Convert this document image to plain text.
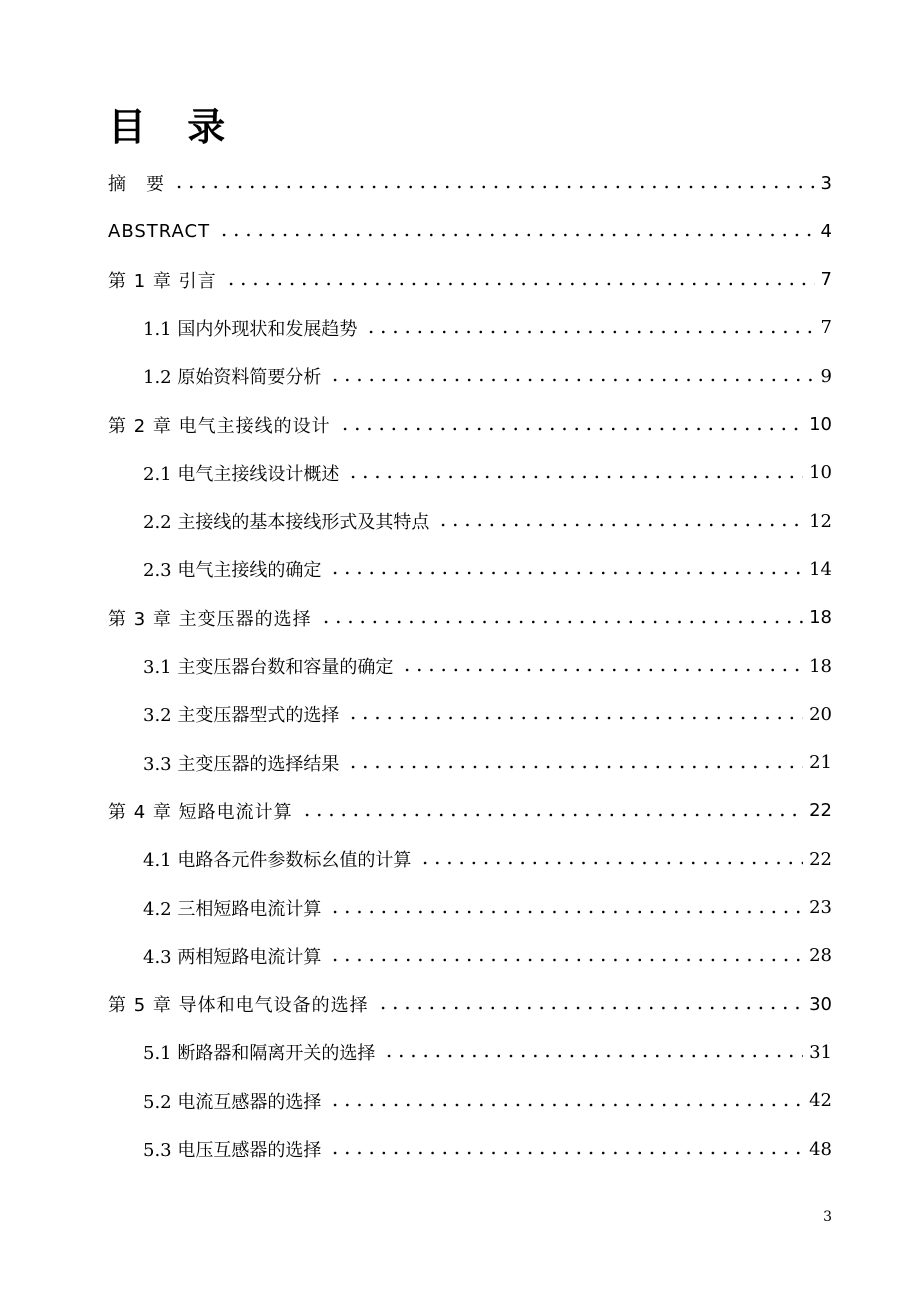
目 录
摘　要	3
ABSTRACT	4
第 1 章 引言	7
1.1 国内外现状和发展趋势	7
1.2 原始资料简要分析	9
第 2 章 电气主接线的设计	10
2.1 电气主接线设计概述	10
2.2 主接线的基本接线形式及其特点	12
2.3 电气主接线的确定	14
第 3 章 主变压器的选择	18
3.1 主变压器台数和容量的确定	18
3.2 主变压器型式的选择	20
3.3 主变压器的选择结果	21
第 4 章 短路电流计算	22
4.1 电路各元件参数标幺值的计算	22
4.2 三相短路电流计算	23
4.3 两相短路电流计算	28
第 5 章 导体和电气设备的选择	30
5.1 断路器和隔离开关的选择	31
5.2 电流互感器的选择	42
5.3 电压互感器的选择	48
3
